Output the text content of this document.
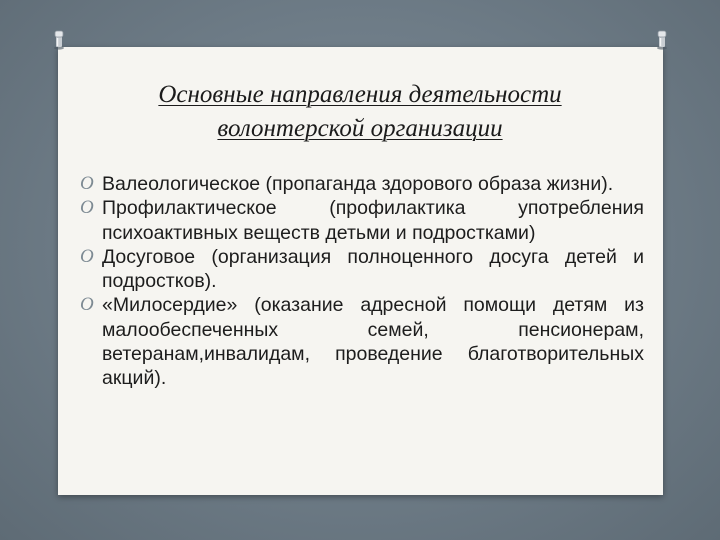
Основные направления деятельности
волонтерской организации
O Валеологическое (пропаганда здорового образа жизни).
O Профилактическое (профилактика употребления психоактивных веществ детьми и подростками)
O Досуговое (организация полноценного досуга детей и подростков).
O «Милосердие» (оказание адресной помощи детям из малообеспеченных семей, пенсионерам, ветеранам,инвалидам, проведение благотворительных акций).
